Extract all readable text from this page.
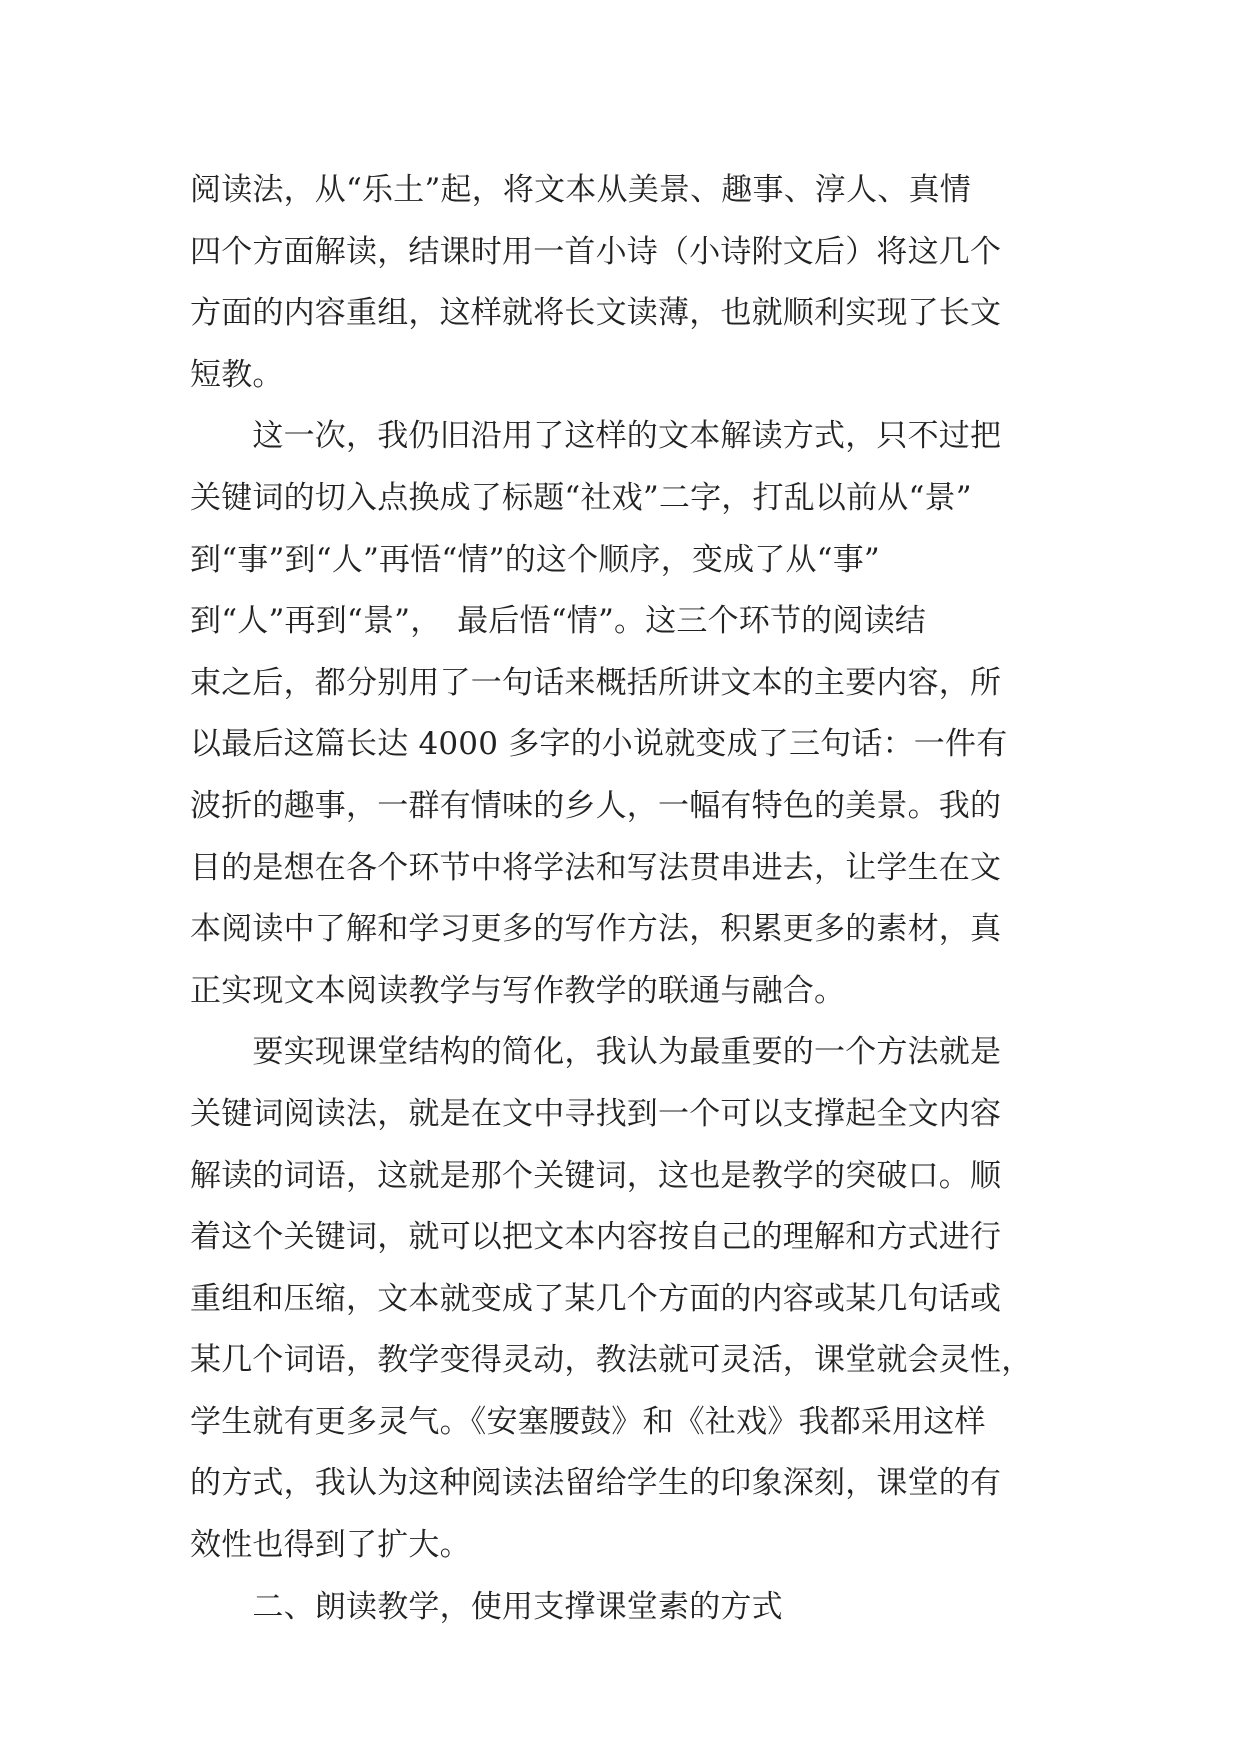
阅读法，从“乐土”起，将文本从美景、趣事、淳人、真情
四个方面解读，结课时用一首小诗（小诗附文后）将这几个
方面的内容重组，这样就将长文读薄，也就顺利实现了长文
短教。
　　这一次，我仍旧沿用了这样的文本解读方式，只不过把
关键词的切入点换成了标题“社戏”二字，打乱以前从“景”
到“事”到“人”再悟“情”的这个顺序，变成了从“事”
到“人”再到“景”，　最后悟“情”。这三个环节的阅读结
束之后，都分别用了一句话来概括所讲文本的主要内容，所
以最后这篇长达 4000 多字的小说就变成了三句话：一件有
波折的趣事，一群有情味的乡人，一幅有特色的美景。我的
目的是想在各个环节中将学法和写法贯串进去，让学生在文
本阅读中了解和学习更多的写作方法，积累更多的素材，真
正实现文本阅读教学与写作教学的联通与融合。
　　要实现课堂结构的简化，我认为最重要的一个方法就是
关键词阅读法，就是在文中寻找到一个可以支撑起全文内容
解读的词语，这就是那个关键词，这也是教学的突破口。顺
着这个关键词，就可以把文本内容按自己的理解和方式进行
重组和压缩，文本就变成了某几个方面的内容或某几句话或
某几个词语，教学变得灵动，教法就可灵活，课堂就会灵性，
学生就有更多灵气。《安塞腰鼓》和《社戏》我都采用这样
的方式，我认为这种阅读法留给学生的印象深刻，课堂的有
效性也得到了扩大。
　　二、朗读教学，使用支撑课堂素的方式
